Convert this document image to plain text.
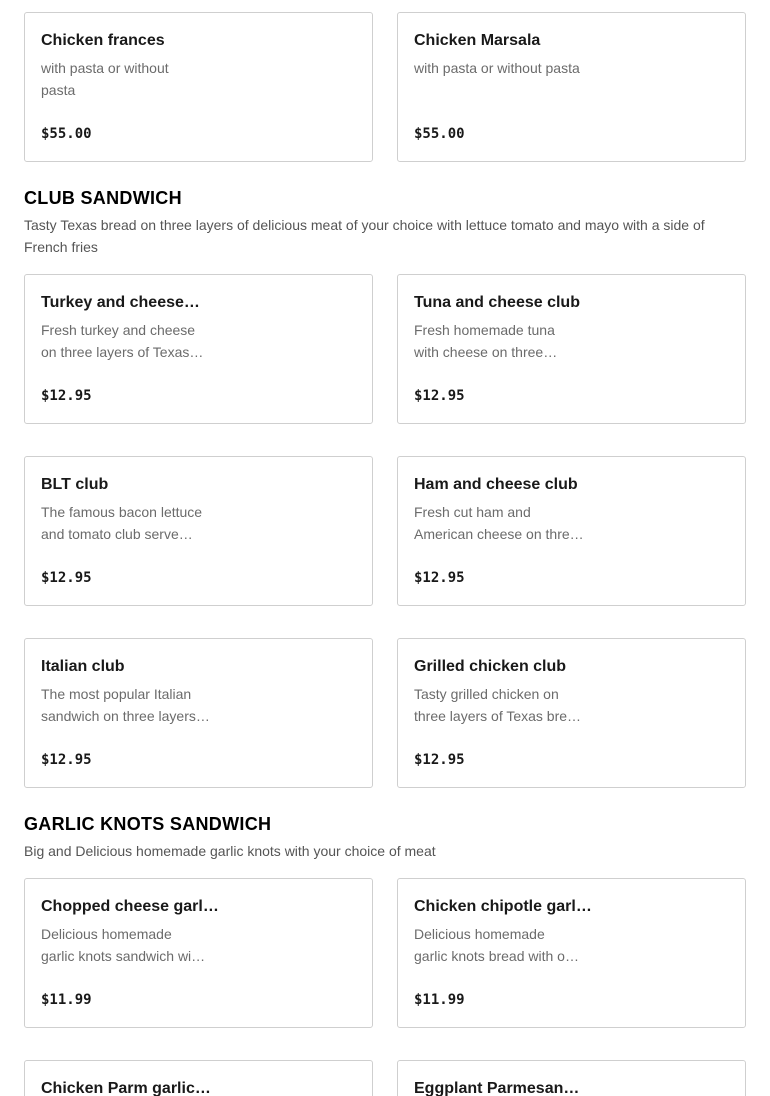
Chicken frances
with pasta or without
pasta
$55.00
Chicken Marsala
with pasta or without pasta
$55.00
CLUB SANDWICH

Tasty Texas bread on three layers of delicious meat of your choice with lettuce tomato and mayo with a side of French fries

Turkey and cheese…
Fresh turkey and cheese
on three layers of Texas…
$12.95
Tuna and cheese club
Fresh homemade tuna
with cheese on three…
$12.95
BLT club
The famous bacon lettuce
and tomato club serve…
$12.95
Ham and cheese club
Fresh cut ham and
American cheese on thre…
$12.95
Italian club
The most popular Italian
sandwich on three layers…
$12.95
Grilled chicken club
Tasty grilled chicken on
three layers of Texas bre…
$12.95
GARLIC KNOTS SANDWICH

Big and Delicious homemade garlic knots with your choice of meat

Chopped cheese garl…
Delicious homemade
garlic knots sandwich wi…
$11.99
Chicken chipotle garl…
Delicious homemade
garlic knots bread with o…
$11.99
Chicken Parm garlic…	Eggplant Parmesan…
